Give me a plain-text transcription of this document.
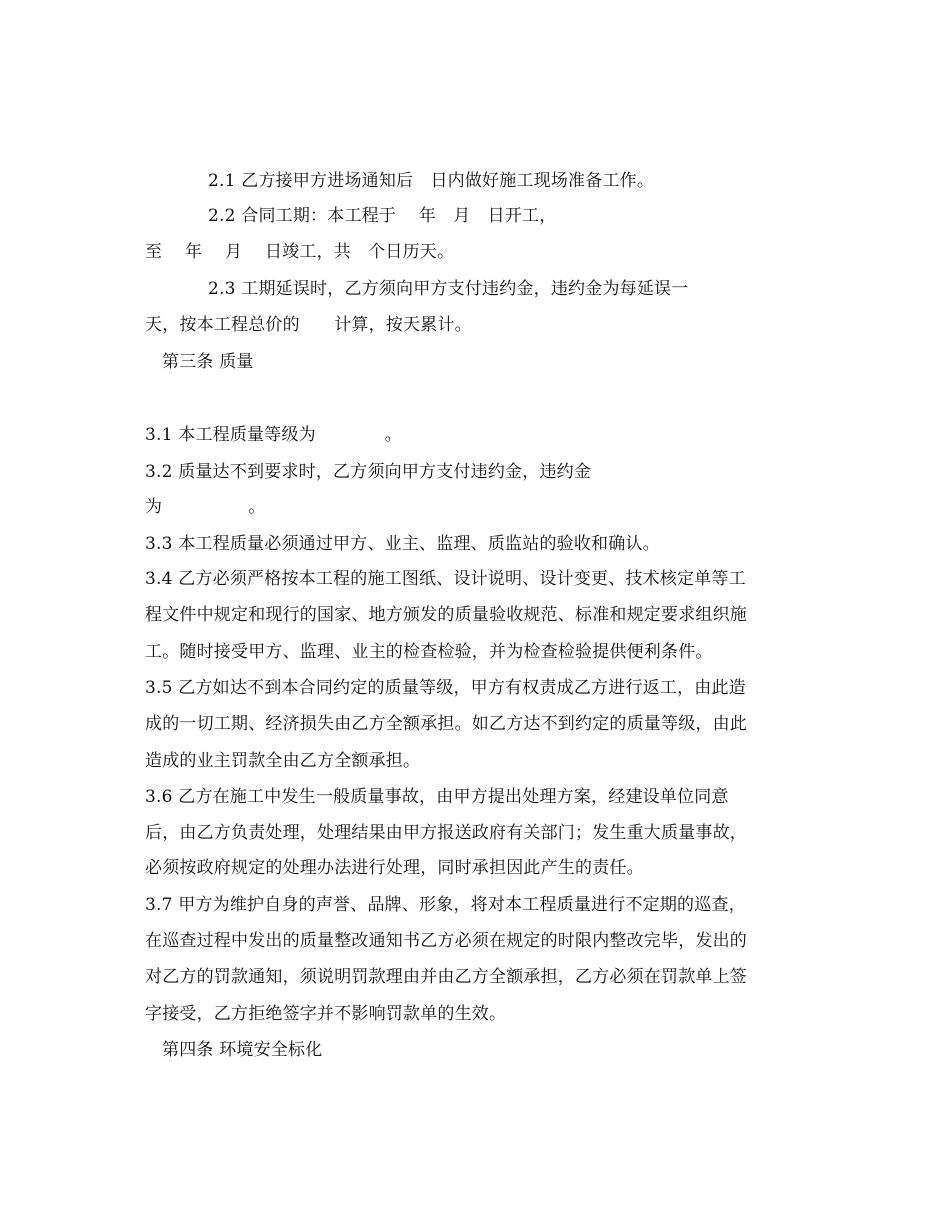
2.1 乙方接甲方进场通知后　日内做好施工现场准备工作。
2.2 合同工期：本工程于　 年　月　日开工，
至　 年　 月　 日竣工，共　个日历天。
2.3 工期延误时，乙方须向甲方支付违约金，违约金为每延误一
天，按本工程总价的　　计算，按天累计。
第三条 质量
3.1 本工程质量等级为　　　　。
3.2 质量达不到要求时，乙方须向甲方支付违约金，违约金
为　　　　　。
3.3 本工程质量必须通过甲方、业主、监理、质监站的验收和确认。
3.4 乙方必须严格按本工程的施工图纸、设计说明、设计变更、技术核定单等工
程文件中规定和现行的国家、地方颁发的质量验收规范、标准和规定要求组织施
工。随时接受甲方、监理、业主的检查检验，并为检查检验提供便利条件。
3.5 乙方如达不到本合同约定的质量等级，甲方有权责成乙方进行返工，由此造
成的一切工期、经济损失由乙方全额承担。如乙方达不到约定的质量等级，由此
造成的业主罚款全由乙方全额承担。
3.6 乙方在施工中发生一般质量事故，由甲方提出处理方案，经建设单位同意
后，由乙方负责处理，处理结果由甲方报送政府有关部门；发生重大质量事故，
必须按政府规定的处理办法进行处理，同时承担因此产生的责任。
3.7 甲方为维护自身的声誉、品牌、形象，将对本工程质量进行不定期的巡查，
在巡查过程中发出的质量整改通知书乙方必须在规定的时限内整改完毕，发出的
对乙方的罚款通知，须说明罚款理由并由乙方全额承担，乙方必须在罚款单上签
字接受，乙方拒绝签字并不影响罚款单的生效。
第四条 环境安全标化
